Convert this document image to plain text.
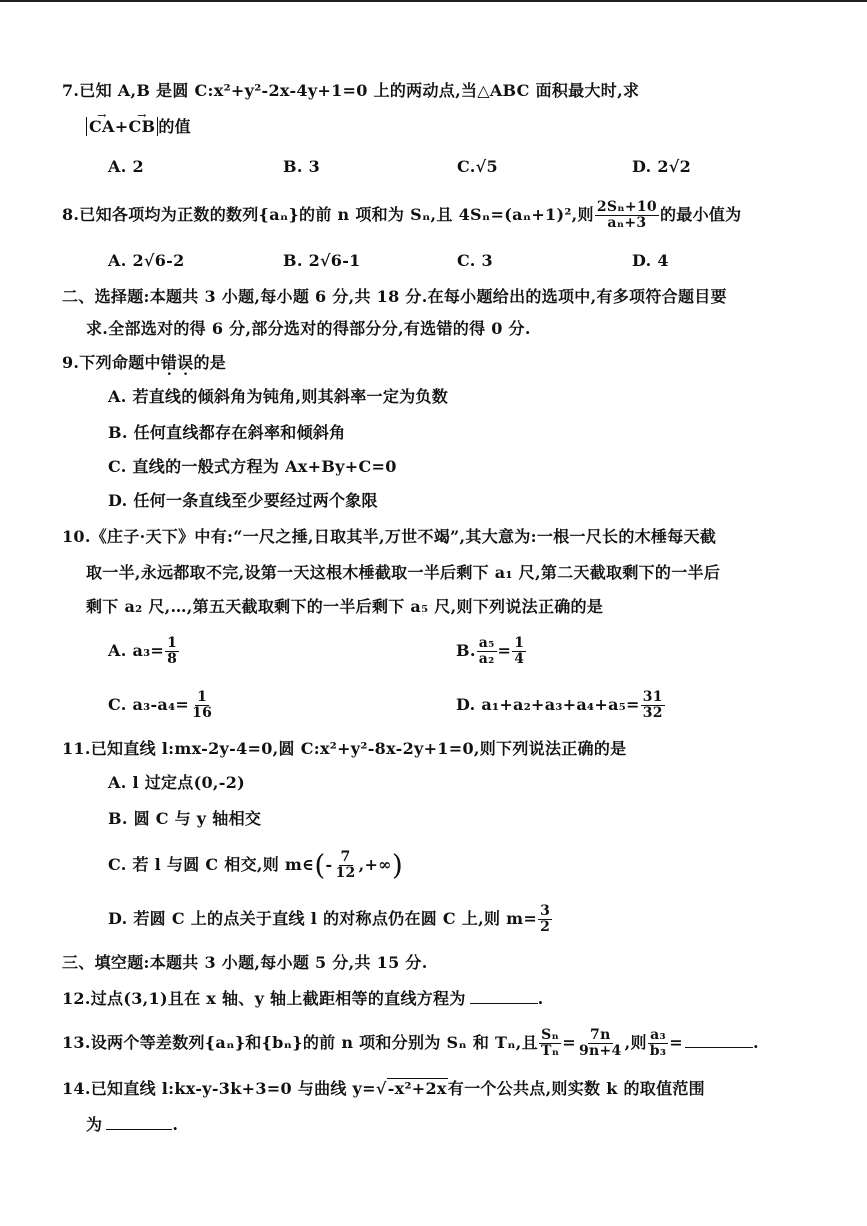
7.已知 A,B 是圆 C:x²+y²-2x-4y+1=0 上的两动点,当△ABC 面积最大时,求
→ CA+→ CB 的值
A. 2	B. 3	C.√5	D. 2√2
8.已知各项均为正数的数列{aₙ}的前 n 项和为 Sₙ,且 4Sₙ=(aₙ+1)²,则 $\frac{\text{2Sₙ+10}}{\text{aₙ+3}}$ 的最小值为
A. 2√6-2	B. 2√6-1	C. 3	D. 4
二、选择题:本题共 3 小题,每小题 6 分,共 18 分.在每小题给出的选项中,有多项符合题目要
求.全部选对的得 6 分,部分选对的得部分分,有选错的得 0 分.
9.下列命题中错误的是
A. 若直线的倾斜角为钝角,则其斜率一定为负数
B. 任何直线都存在斜率和倾斜角
C. 直线的一般式方程为 Ax+By+C=0
D. 任何一条直线至少要经过两个象限
10.《庄子·天下》中有:“一尺之捶,日取其半,万世不竭”,其大意为:一根一尺长的木棰每天截
取一半,永远都取不完,设第一天这根木棰截取一半后剩下 a₁ 尺,第二天截取剩下的一半后
剩下 a₂ 尺,…,第五天截取剩下的一半后剩下 a₅ 尺,则下列说法正确的是
A. $a_3= \frac{1}{8}$	B. $\frac{\text{a₅}}{\text{a₂}} = \frac{1}{4}$
C. $a_3-a_4= \frac{1}{16}$	D. $a_1+a_2+a_3+a_4+a_5= \frac{31}{32}$
11.已知直线 l:mx-2y-4=0,圆 C:x²+y²-8x-2y+1=0,则下列说法正确的是
A. l 过定点(0,-2)
B. 圆 C 与 y 轴相交
C. 若 l 与圆 C 相交,则 m∈(- $\frac{7}{12}$ ,+∞)
D. 若圆 C 上的点关于直线 l 的对称点仍在圆 C 上,则 $m= \frac{3}{2}$
三、填空题:本题共 3 小题,每小题 5 分,共 15 分.
12.过点(3,1)且在 x 轴、y 轴上截距相等的直线方程为	.
13.设两个等差数列{aₙ}和{bₙ}的前 n 项和分别为 Sₙ 和 Tₙ,且 $\frac{\text{Sₙ}}{\text{Tₙ}} = \frac{7n}{9n+4}$ ,则 $\frac{\text{a₃}}{\text{b₃}}$ =	.
14.已知直线 l:kx-y-3k+3=0 与曲线 y=√-x²+2x有一个公共点,则实数 k 的取值范围
为	.
